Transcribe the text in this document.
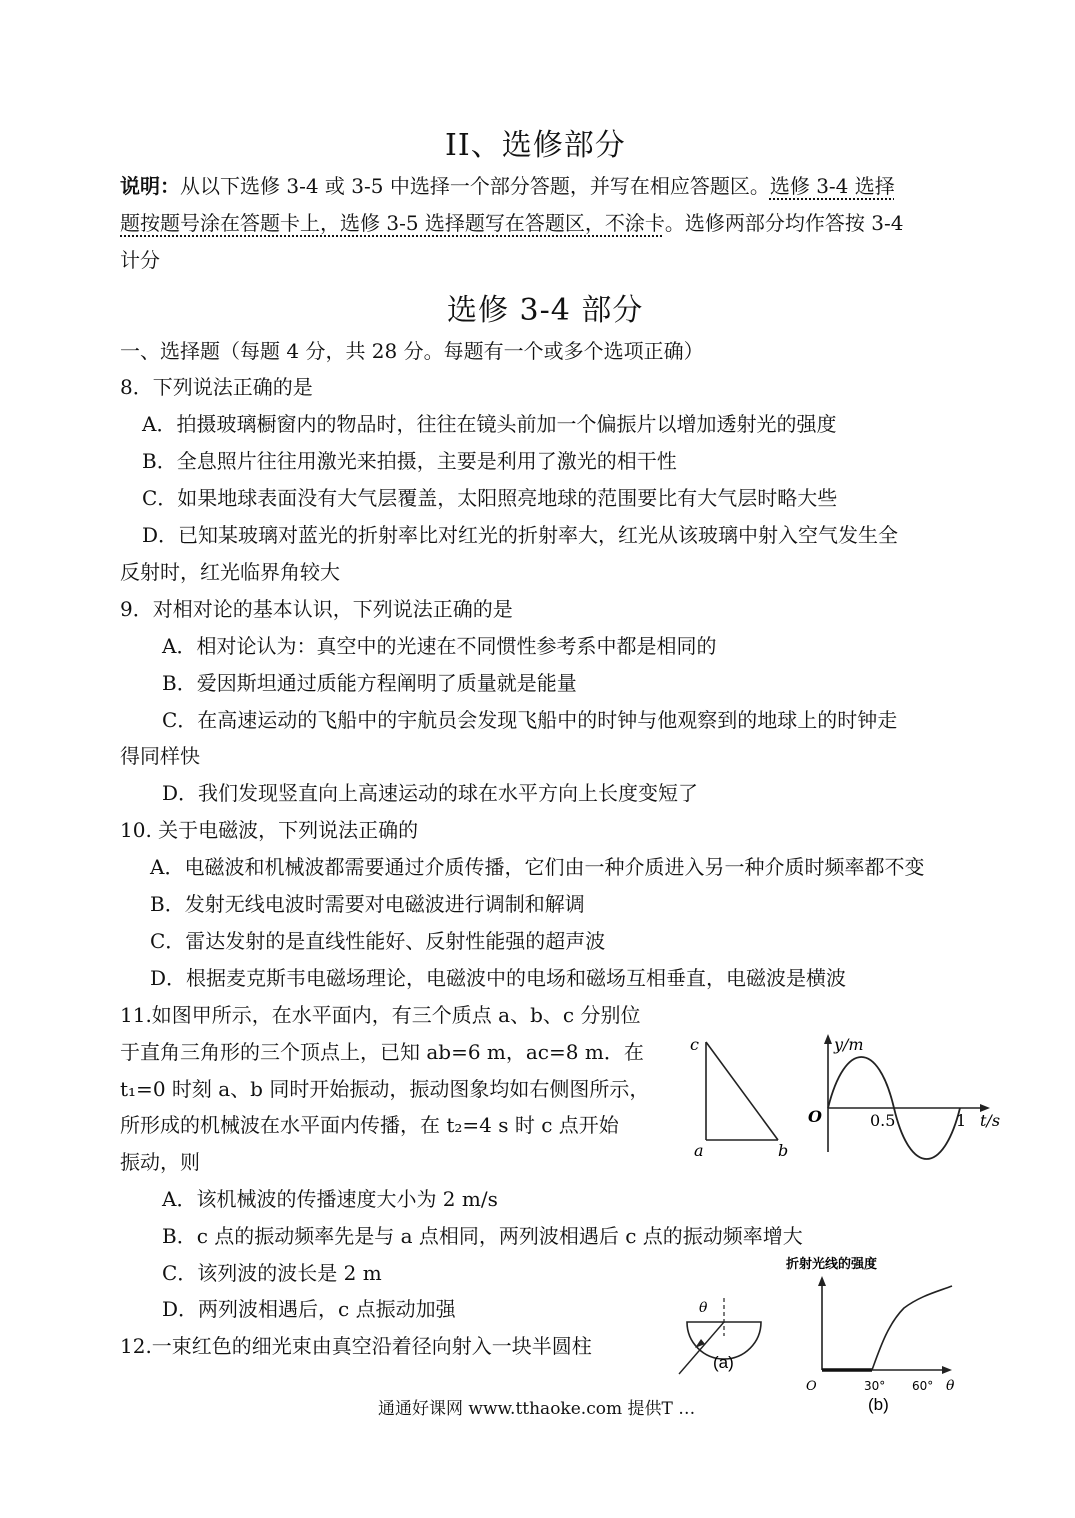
II、选修部分
说明：从以下选修 3-4 或 3-5 中选择一个部分答题，并写在相应答题区。选修 3-4 选择
题按题号涂在答题卡上，选修 3-5 选择题写在答题区，不涂卡。选修两部分均作答按 3-4
计分
选修 3-4 部分
一、选择题（每题 4 分，共 28 分。每题有一个或多个选项正确）
8．下列说法正确的是
A．拍摄玻璃橱窗内的物品时，往往在镜头前加一个偏振片以增加透射光的强度
B．全息照片往往用激光来拍摄，主要是利用了激光的相干性
C．如果地球表面没有大气层覆盖，太阳照亮地球的范围要比有大气层时略大些
D．已知某玻璃对蓝光的折射率比对红光的折射率大，红光从该玻璃中射入空气发生全
反射时，红光临界角较大
9．对相对论的基本认识，下列说法正确的是
A．相对论认为：真空中的光速在不同惯性参考系中都是相同的
B．爱因斯坦通过质能方程阐明了质量就是能量
C．在高速运动的飞船中的宇航员会发现飞船中的时钟与他观察到的地球上的时钟走
得同样快
D．我们发现竖直向上高速运动的球在水平方向上长度变短了
10. 关于电磁波，下列说法正确的
A．电磁波和机械波都需要通过介质传播，它们由一种介质进入另一种介质时频率都不变
B．发射无线电波时需要对电磁波进行调制和解调
C．雷达发射的是直线性能好、反射性能强的超声波
D．根据麦克斯韦电磁场理论，电磁波中的电场和磁场互相垂直，电磁波是横波
11.如图甲所示，在水平面内，有三个质点 a、b、c 分别位
于直角三角形的三个顶点上，已知 ab=6 m，ac=8 m．在
t₁=0 时刻 a、b 同时开始振动，振动图象均如右侧图所示，
所形成的机械波在水平面内传播，在 t₂=4 s 时 c 点开始
振动，则
A．该机械波的传播速度大小为 2 m/s
B．c 点的振动频率先是与 a 点相同，两列波相遇后 c 点的振动频率增大
C．该列波的波长是 2 m
D．两列波相遇后，c 点振动加强
12.一束红色的细光束由真空沿着径向射入一块半圆柱
c
a	b
y/m
O	0.5	1 t/s
θ
(a)
折射光线的强度
O	30° 60° θ
(b)
通通好课网 www.tthaoke.com 提供T …
